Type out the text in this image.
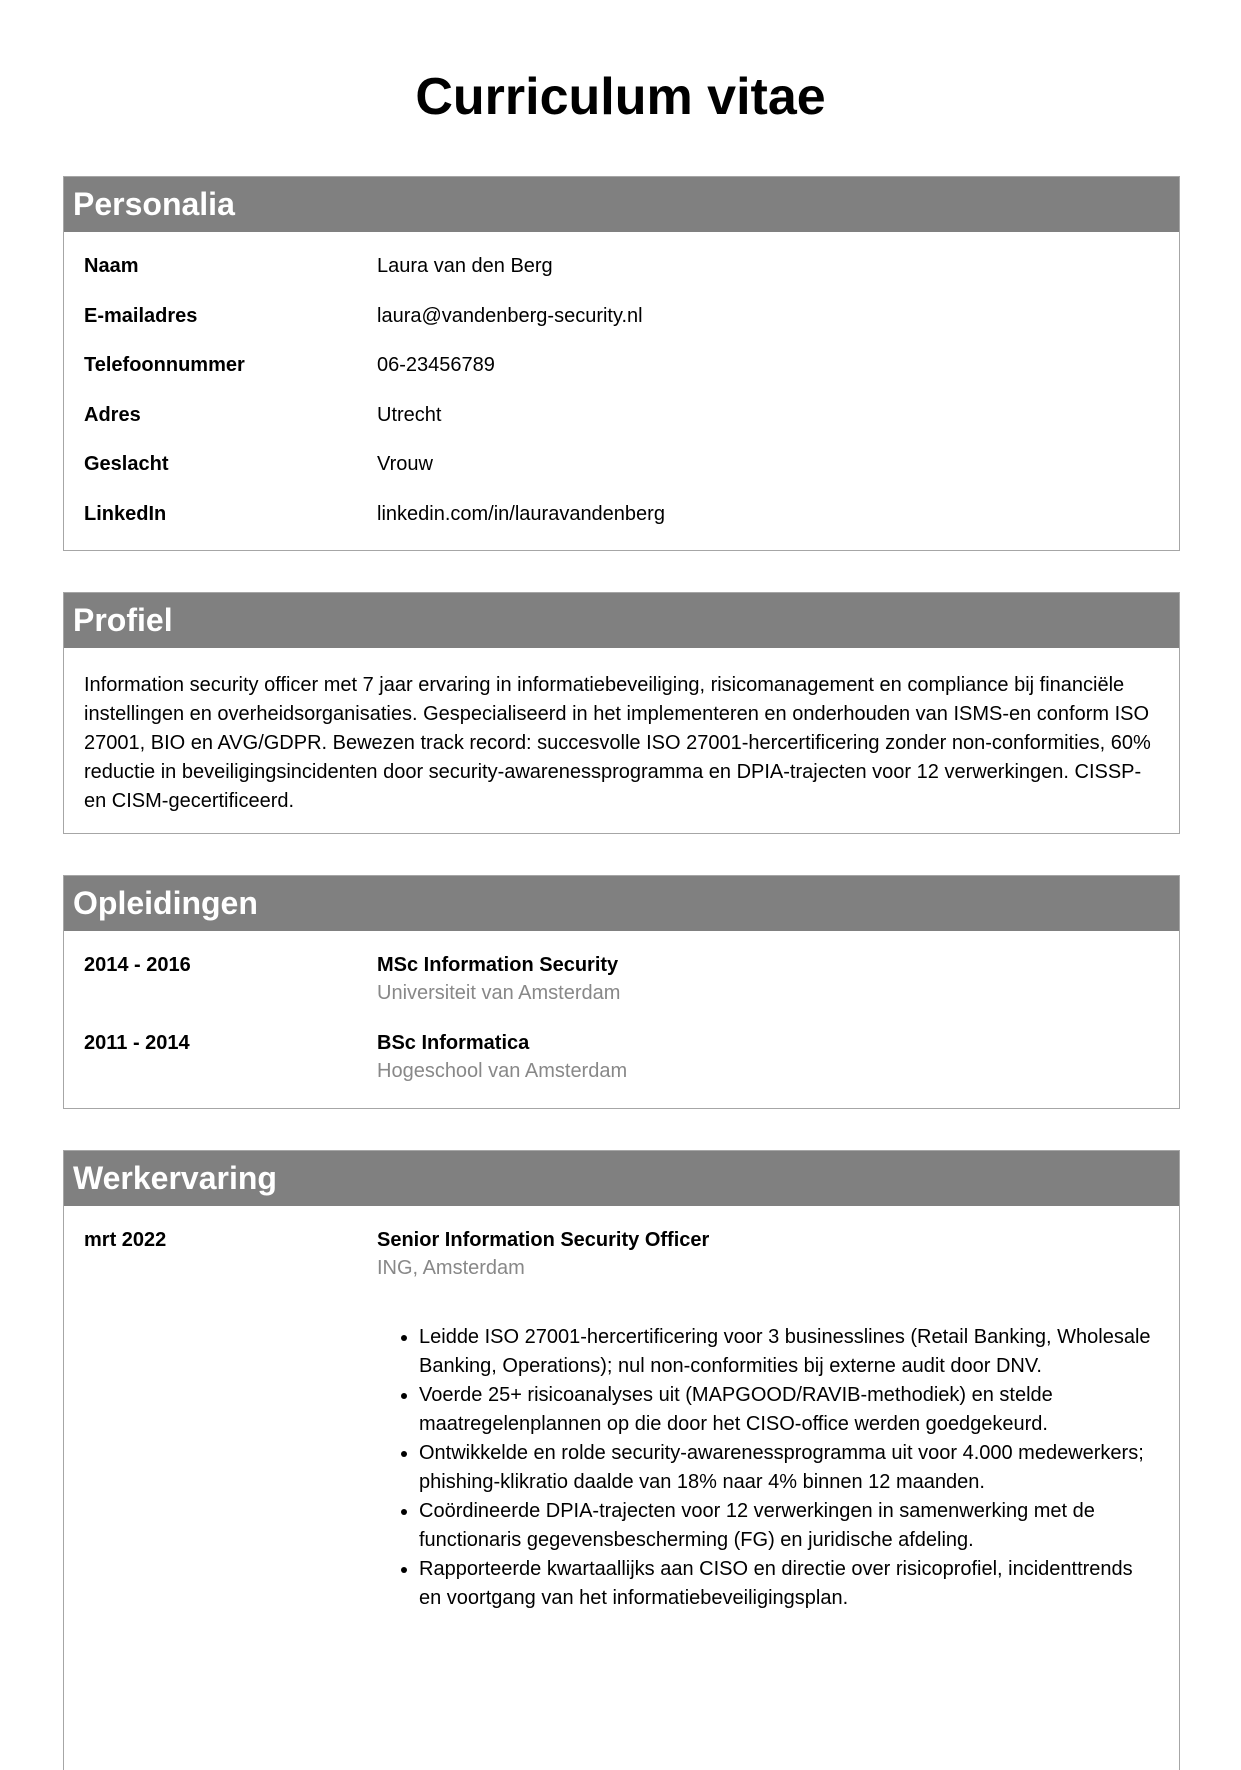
Curriculum vitae
Personalia
Naam	Laura van den Berg
E-mailadres	laura@vandenberg-security.nl
Telefoonnummer	06-23456789
Adres	Utrecht
Geslacht	Vrouw
LinkedIn	linkedin.com/in/lauravandenberg
Profiel

Information security officer met 7 jaar ervaring in informatiebeveiliging, risicomanagement en compliance bij financiële instellingen en overheidsorganisaties. Gespecialiseerd in het implementeren en onderhouden van ISMS-en conform ISO 27001, BIO en AVG/GDPR. Bewezen track record: succesvolle ISO 27001-hercertificering zonder non-conformities, 60% reductie in beveiligingsincidenten door security-awarenessprogramma en DPIA-trajecten voor 12 verwerkingen. CISSP- en CISM-gecertificeerd.

Opleidingen
2014 - 2016	MSc Information Security
Universiteit van Amsterdam
2011 - 2014	BSc Informatica
Hogeschool van Amsterdam
Werkervaring
mrt 2022	Senior Information Security Officer
ING, Amsterdam
• Leidde ISO 27001-hercertificering voor 3 businesslines (Retail Banking, Wholesale Banking, Operations); nul non-conformities bij externe audit door DNV.
• Voerde 25+ risicoanalyses uit (MAPGOOD/RAVIB-methodiek) en stelde maatregelenplannen op die door het CISO-office werden goedgekeurd.
• Ontwikkelde en rolde security-awarenessprogramma uit voor 4.000 medewerkers; phishing-klikratio daalde van 18% naar 4% binnen 12 maanden.
• Coördineerde DPIA-trajecten voor 12 verwerkingen in samenwerking met de functionaris gegevensbescherming (FG) en juridische afdeling.
• Rapporteerde kwartaallijks aan CISO en directie over risicoprofiel, incidenttrends en voortgang van het informatiebeveiligingsplan.
